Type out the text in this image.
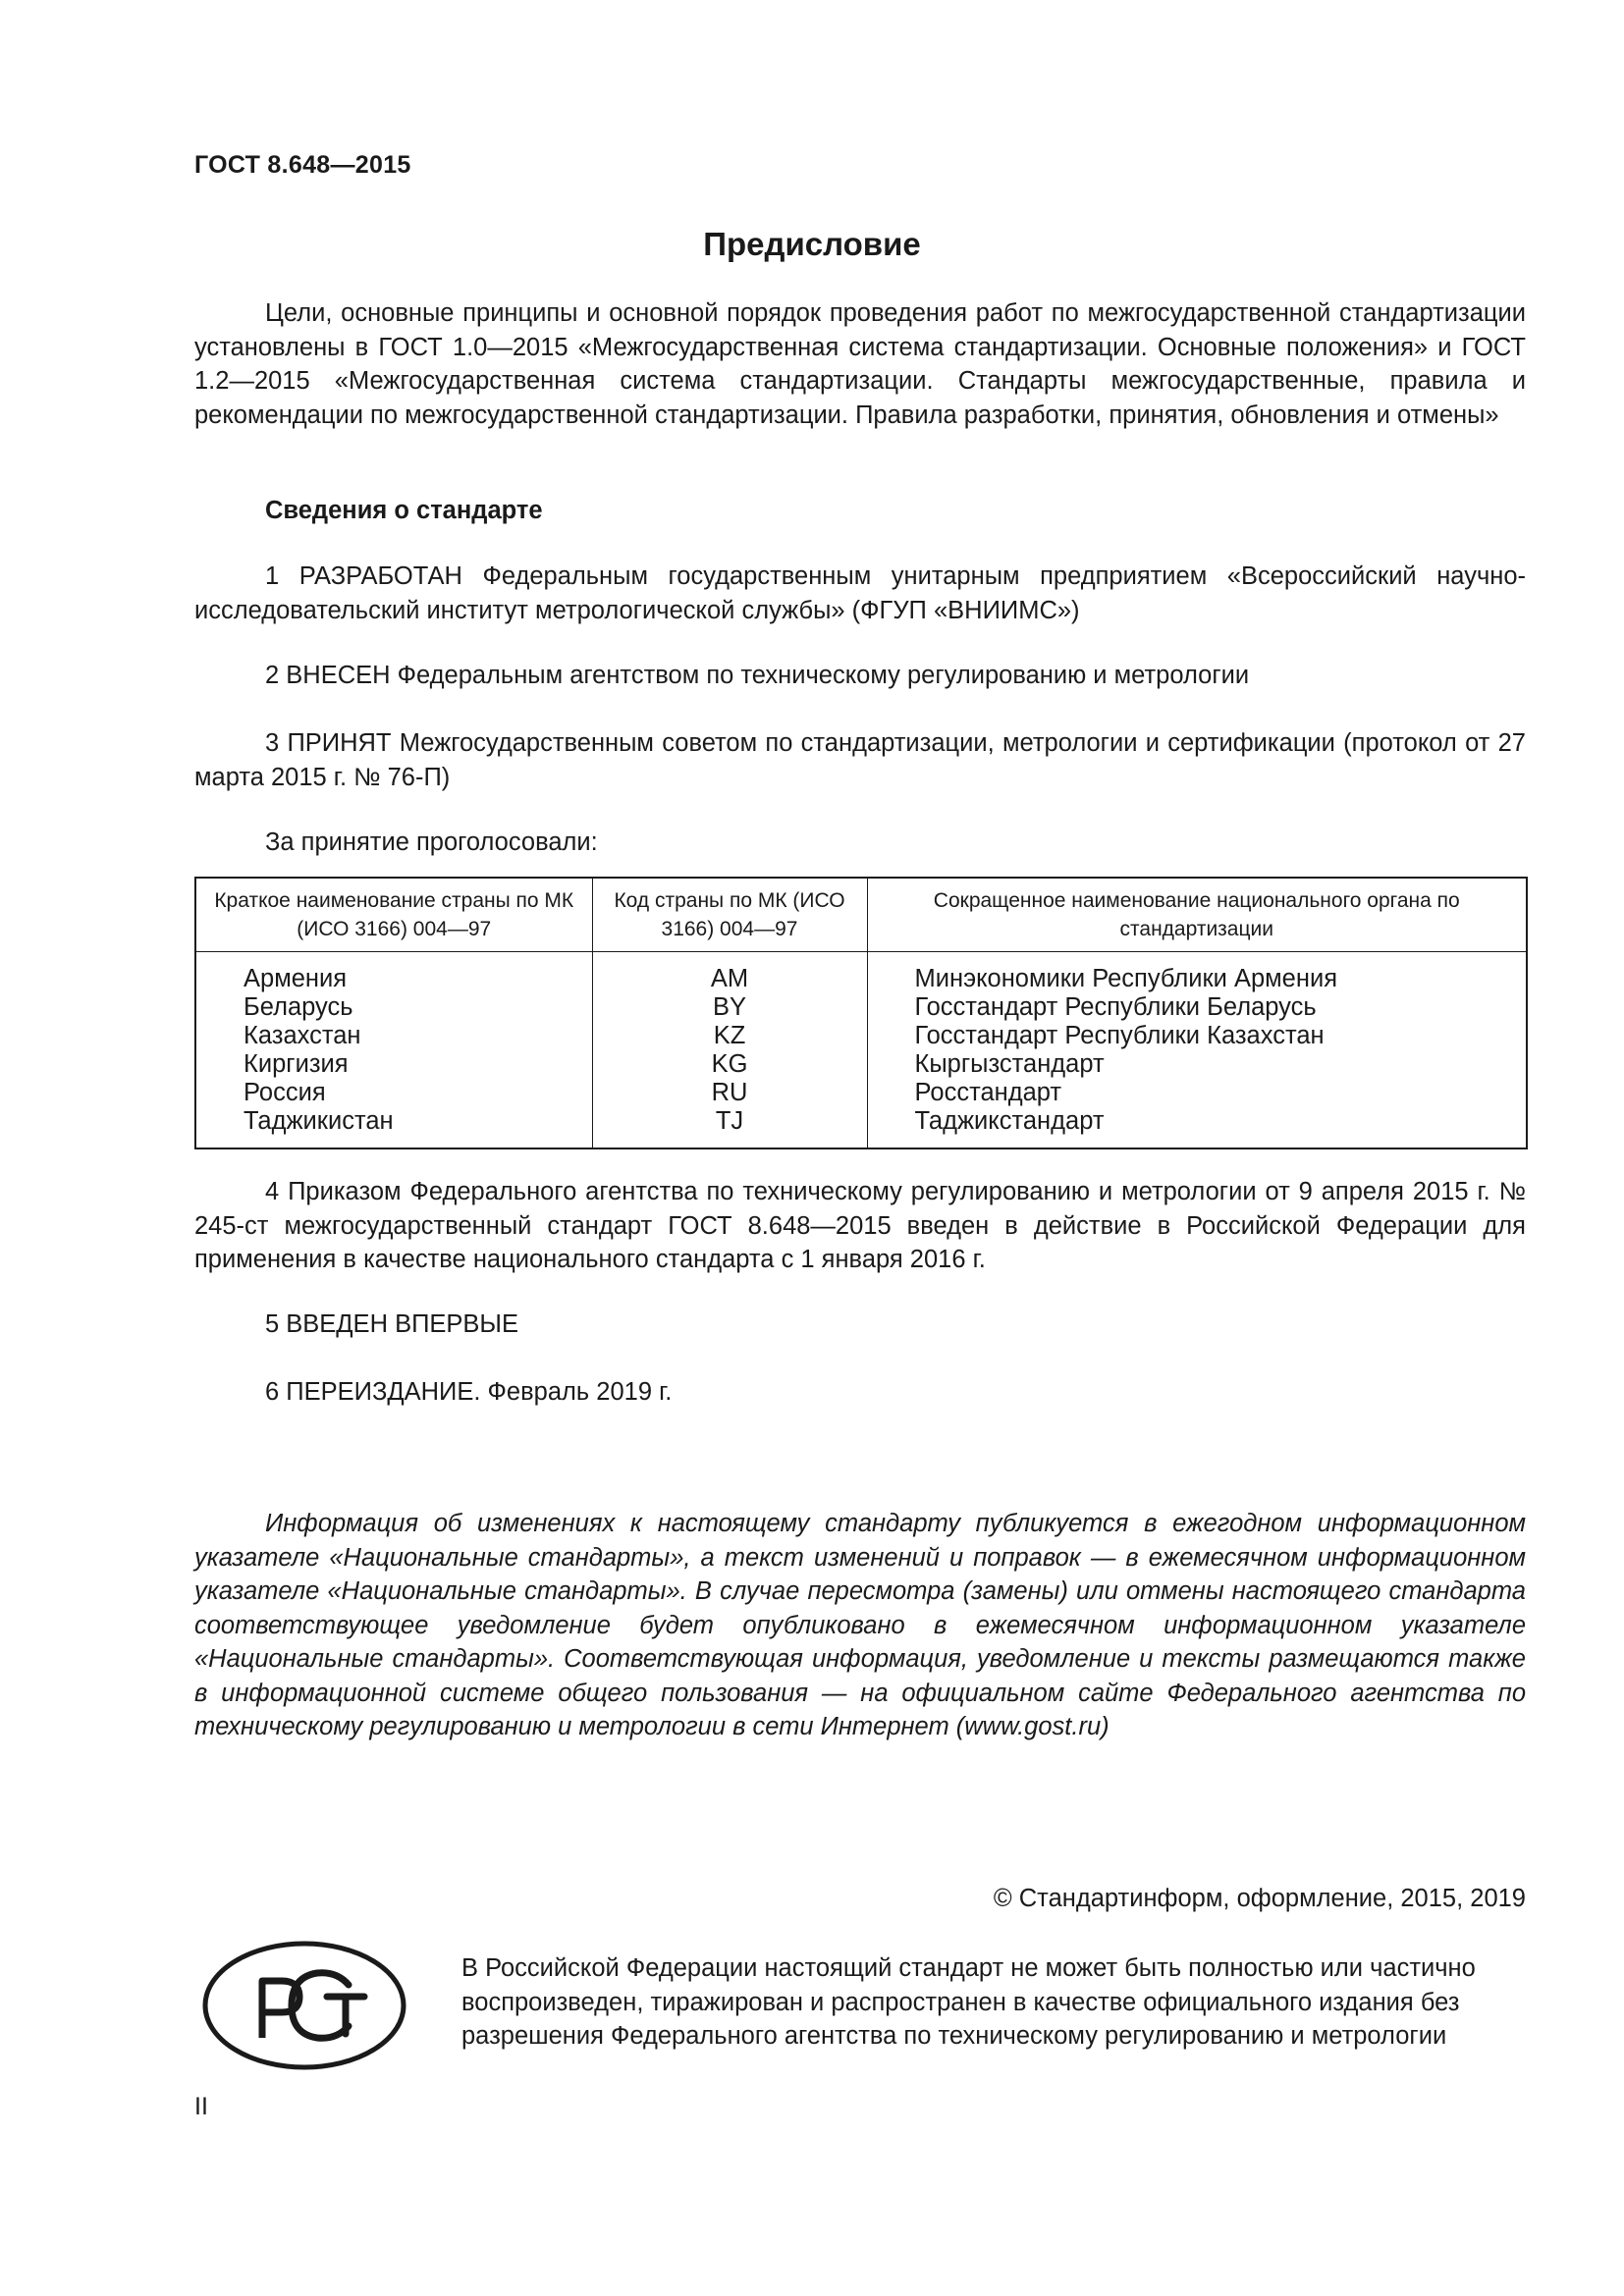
ГОСТ 8.648—2015
Предисловие

Цели, основные принципы и основной порядок проведения работ по межгосударственной стандартизации установлены в ГОСТ 1.0—2015 «Межгосударственная система стандартизации. Основные положения» и ГОСТ 1.2—2015 «Межгосударственная система стандартизации. Стандарты межгосударственные, правила и рекомендации по межгосударственной стандартизации. Правила разработки, принятия, обновления и отмены»

Сведения о стандарте

1 РАЗРАБОТАН Федеральным государственным унитарным предприятием «Всероссийский научно-исследовательский институт метрологической службы» (ФГУП «ВНИИМС»)

2 ВНЕСЕН Федеральным агентством по техническому регулированию и метрологии

3 ПРИНЯТ Межгосударственным советом по стандартизации, метрологии и сертификации (протокол от 27 марта 2015 г. № 76-П)

За принятие проголосовали:

Краткое наименование страны по МК (ИСО 3166) 004—97	Код страны по МК (ИСО 3166) 004—97	Сокращенное наименование национального органа по стандартизации
Армения	AM	Минэкономики Республики Армения
Беларусь	BY	Госстандарт Республики Беларусь
Казахстан	KZ	Госстандарт Республики Казахстан
Киргизия	KG	Кыргызстандарт
Россия	RU	Росстандарт
Таджикистан	TJ	Таджикстандарт

4 Приказом Федерального агентства по техническому регулированию и метрологии от 9 апреля 2015 г. № 245-ст межгосударственный стандарт ГОСТ 8.648—2015 введен в действие в Российской Федерации для применения в качестве национального стандарта с 1 января 2016 г.

5 ВВЕДЕН ВПЕРВЫЕ

6 ПЕРЕИЗДАНИЕ. Февраль 2019 г.

Информация об изменениях к настоящему стандарту публикуется в ежегодном информационном указателе «Национальные стандарты», а текст изменений и поправок — в ежемесячном информационном указателе «Национальные стандарты». В случае пересмотра (замены) или отмены настоящего стандарта соответствующее уведомление будет опубликовано в ежемесячном информационном указателе «Национальные стандарты». Соответствующая информация, уведомление и тексты размещаются также в информационной системе общего пользования — на официальном сайте Федерального агентства по техническому регулированию и метрологии в сети Интернет (www.gost.ru)

© Стандартинформ, оформление, 2015, 2019

В Российской Федерации настоящий стандарт не может быть полностью или частично воспроизведен, тиражирован и распространен в качестве официального издания без разрешения Федерального агентства по техническому регулированию и метрологии

II
